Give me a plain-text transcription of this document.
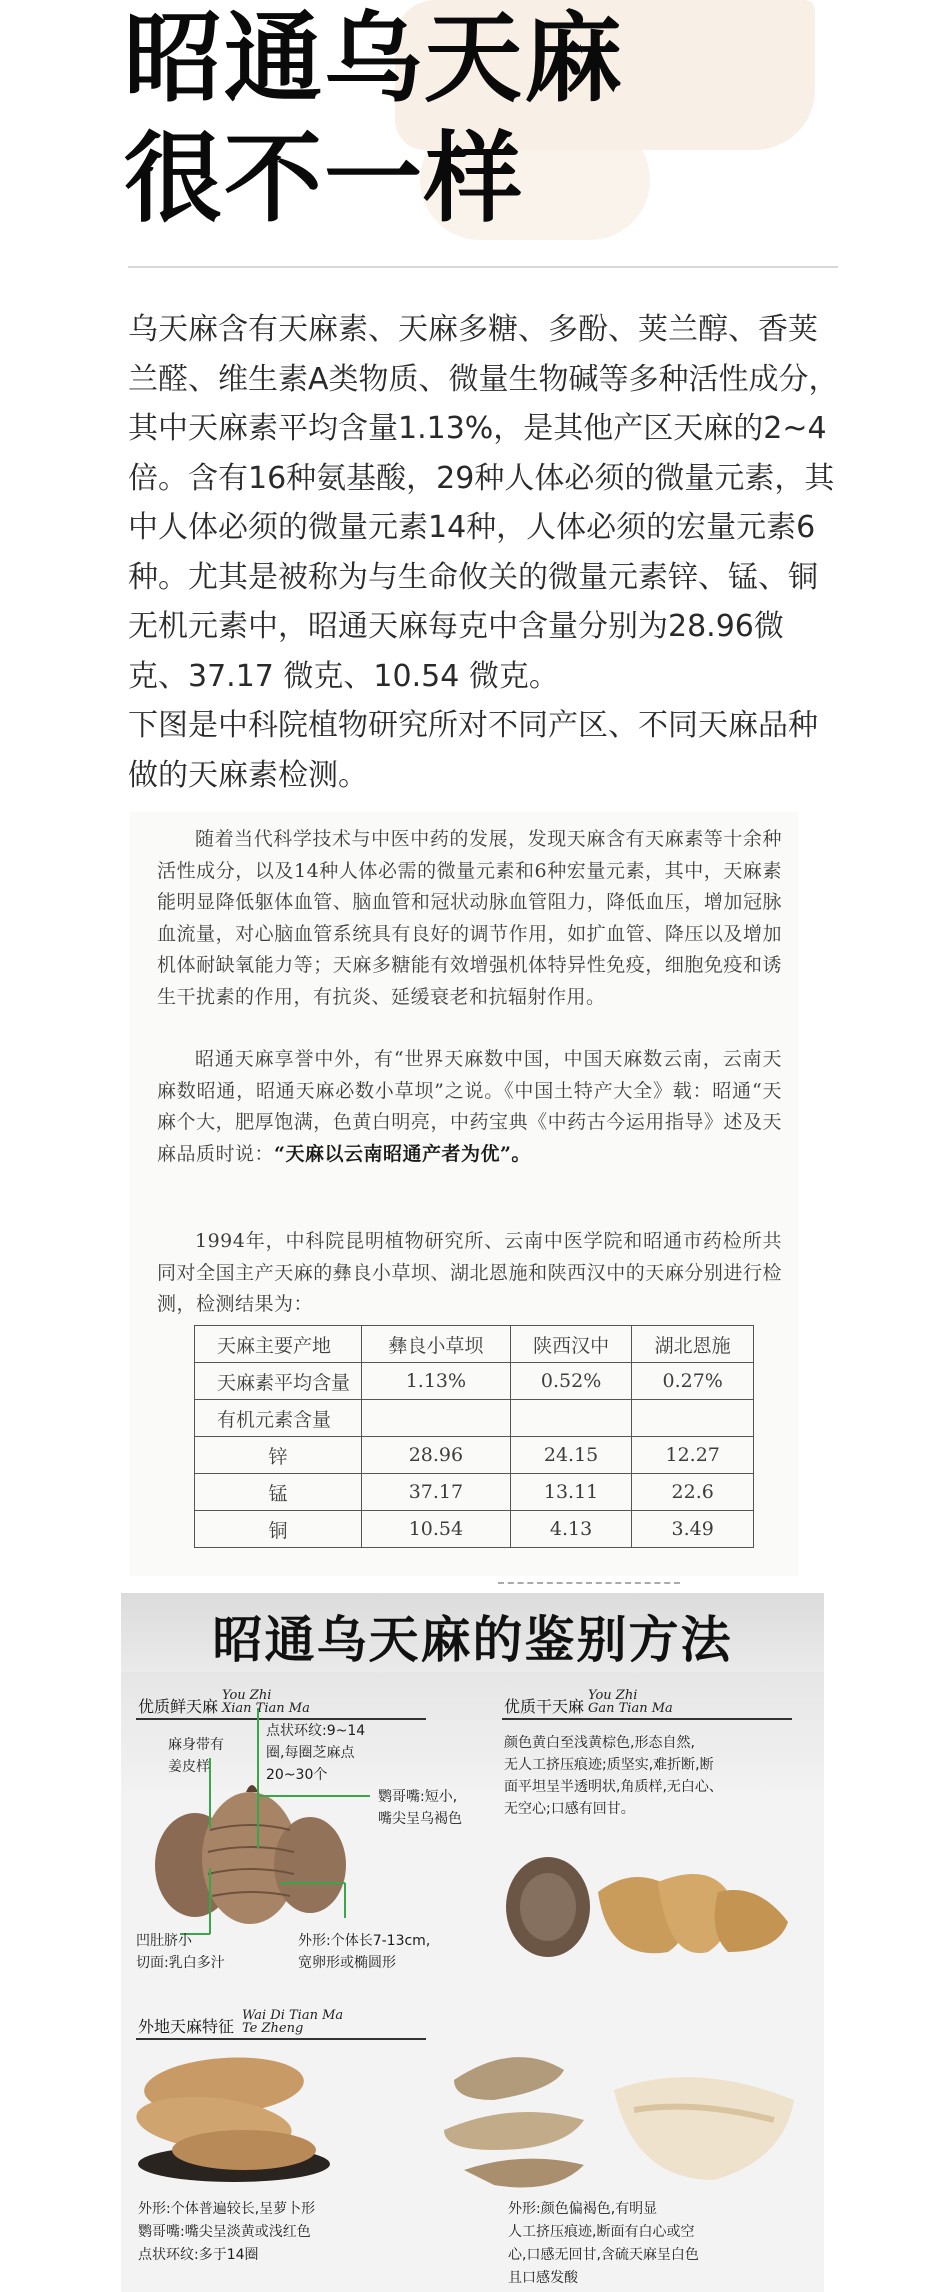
昭通乌天麻
很不一样
乌天麻含有天麻素、天麻多糖、多酚、荚兰醇、香荚兰醛、维生素A类物质、微量生物碱等多种活性成分，其中天麻素平均含量1.13%，是其他产区天麻的2~4倍。含有16种氨基酸，29种人体必须的微量元素，其中人体必须的微量元素14种，人体必须的宏量元素6种。尤其是被称为与生命攸关的微量元素锌、锰、铜无机元素中，昭通天麻每克中含量分别为28.96微克、37.17 微克、10.54 微克。
下图是中科院植物研究所对不同产区、不同天麻品种做的天麻素检测。
随着当代科学技术与中医中药的发展，发现天麻含有天麻素等十余种活性成分，以及14种人体必需的微量元素和6种宏量元素，其中，天麻素能明显降低躯体血管、脑血管和冠状动脉血管阻力，降低血压，增加冠脉血流量，对心脑血管系统具有良好的调节作用，如扩血管、降压以及增加机体耐缺氧能力等；天麻多糖能有效增强机体特异性免疫，细胞免疫和诱生干扰素的作用，有抗炎、延缓衰老和抗辐射作用。
昭通天麻享誉中外，有“世界天麻数中国，中国天麻数云南，云南天麻数昭通，昭通天麻必数小草坝”之说。《中国土特产大全》载：昭通“天麻个大，肥厚饱满，色黄白明亮，中药宝典《中药古今运用指导》述及天麻品质时说：“天麻以云南昭通产者为优”。
1994年，中科院昆明植物研究所、云南中医学院和昭通市药检所共同对全国主产天麻的彝良小草坝、湖北恩施和陕西汉中的天麻分别进行检测，检测结果为：
天麻主要产地	彝良小草坝	陕西汉中	湖北恩施
天麻素平均含量	1.13%	0.52%	0.27%
有机元素含量			
锌	28.96	24.15	12.27
锰	37.17	13.11	22.6
铜	10.54	4.13	3.49
昭通乌天麻的鉴别方法
优质鲜天麻
You Zhi
Xian Tian Ma	优质干天麻
You Zhi
Gan Tian Ma
麻身带有
姜皮样
点状环纹:9~14
圈,每圈芝麻点
20~30个
鹦哥嘴:短小,
嘴尖呈乌褐色
凹肚脐小
切面:乳白多汁
外形:个体长7-13cm,
宽卵形或椭圆形
颜色黄白至浅黄棕色,形态自然,
无人工挤压痕迹;质坚实,难折断,断
面平坦呈半透明状,角质样,无白心、
无空心;口感有回甘。
外地天麻特征
Wai Di Tian Ma
Te Zheng
外形:个体普遍较长,呈萝卜形
鹦哥嘴:嘴尖呈淡黄或浅红色
点状环纹:多于14圈
外形:颜色偏褐色,有明显
人工挤压痕迹,断面有白心或空
心,口感无回甘,含硫天麻呈白色
且口感发酸
